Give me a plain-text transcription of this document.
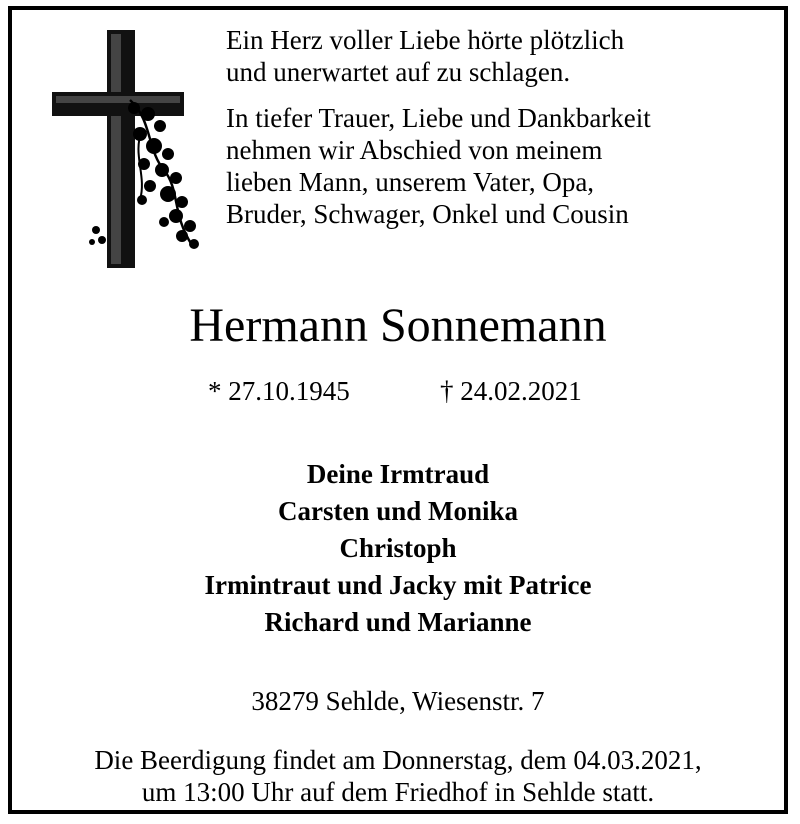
Ein Herz voller Liebe hörte plötzlich
und unerwartet auf zu schlagen.

In tiefer Trauer, Liebe und Dankbarkeit
nehmen wir Abschied von meinem
lieben Mann, unserem Vater, Opa,
Bruder, Schwager, Onkel und Cousin

Hermann Sonnemann
* 27.10.1945	† 24.02.2021
Deine Irmtraud
Carsten und Monika
Christoph
Irmintraut und Jacky mit Patrice
Richard und Marianne
38279 Sehlde, Wiesenstr. 7
Die Beerdigung findet am Donnerstag, dem 04.03.2021,
um 13:00 Uhr auf dem Friedhof in Sehlde statt.
